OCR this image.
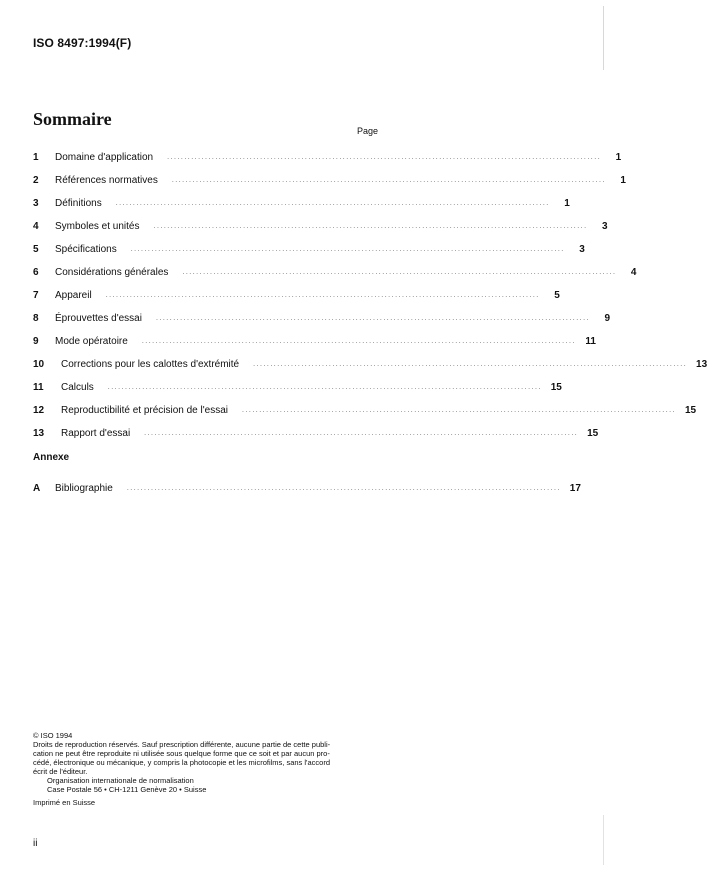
ISO 8497:1994(F)
Sommaire
Page
1	Domaine d'application ..............................................................................................................................	1
2	Références normatives ..............................................................................................................................	1
3	Définitions ..............................................................................................................................	1
4	Symboles et unités ..............................................................................................................................	3
5	Spécifications ..............................................................................................................................	3
6	Considérations générales ..............................................................................................................................	4
7	Appareil ..............................................................................................................................	5
8	Éprouvettes d'essai ..............................................................................................................................	9
9	Mode opératoire .............................................................................................................................. 11
10	Corrections pour les calottes d'extrémité .............................................................................................................................. 13
11	Calculs .............................................................................................................................. 15
12	Reproductibilité et précision de l'essai .............................................................................................................................. 15
13	Rapport d'essai .............................................................................................................................. 15
Annexe
A	Bibliographie .............................................................................................................................. 17
© ISO 1994
Droits de reproduction réservés. Sauf prescription différente, aucune partie de cette publi-
cation ne peut être reproduite ni utilisée sous quelque forme que ce soit et par aucun pro-
cédé, électronique ou mécanique, y compris la photocopie et les microfilms, sans l'accord
écrit de l'éditeur.
Organisation internationale de normalisation
Case Postale 56 • CH-1211 Genève 20 • Suisse
Imprimé en Suisse
ii
